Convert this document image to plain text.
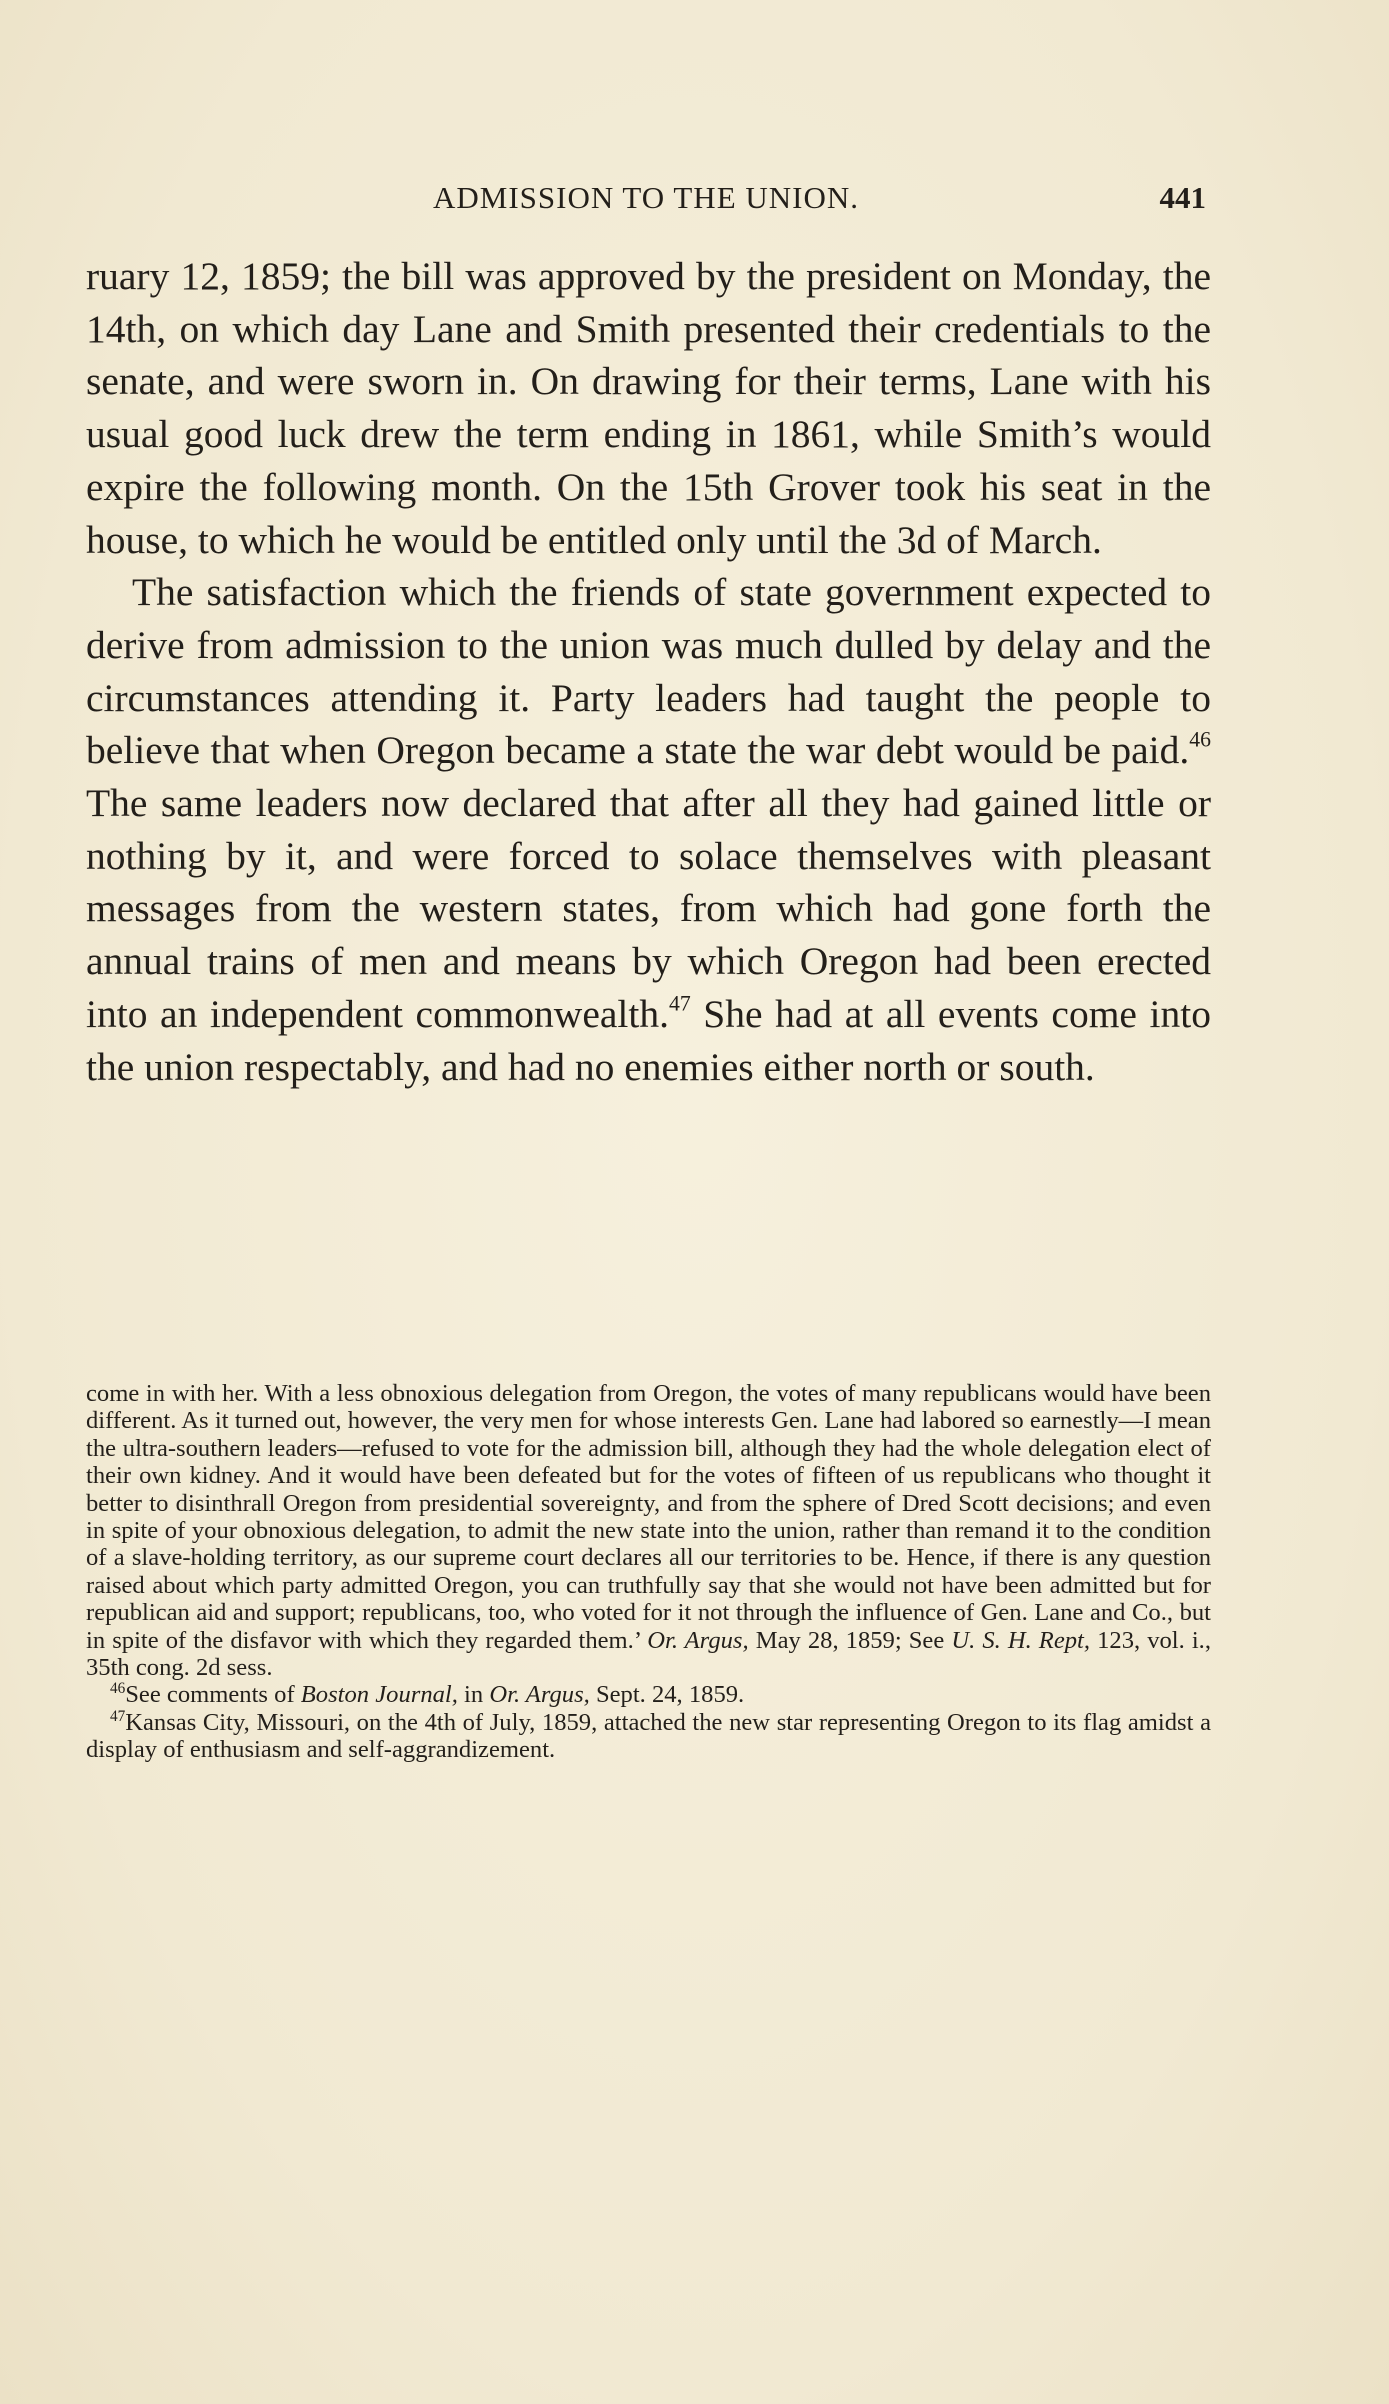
ADMISSION TO THE UNION.	441

ruary 12, 1859; the bill was approved by the president on Monday, the 14th, on which day Lane and Smith presented their credentials to the senate, and were sworn in. On drawing for their terms, Lane with his usual good luck drew the term ending in 1861, while Smith’s would expire the following month. On the 15th Grover took his seat in the house, to which he would be entitled only until the 3d of March.

The satisfaction which the friends of state government expected to derive from admission to the union was much dulled by delay and the circumstances attending it. Party leaders had taught the people to believe that when Oregon became a state the war debt would be paid.$^{46}$ The same leaders now declared that after all they had gained little or nothing by it, and were forced to solace themselves with pleasant messages from the western states, from which had gone forth the annual trains of men and means by which Oregon had been erected into an independent commonwealth.$^{47}$ She had at all events come into the union respectably, and had no enemies either north or south.

come in with her. With a less obnoxious delegation from Oregon, the votes of many republicans would have been different. As it turned out, however, the very men for whose interests Gen. Lane had labored so earnestly—I mean the ultra-southern leaders—refused to vote for the admission bill, although they had the whole delegation elect of their own kidney. And it would have been defeated but for the votes of fifteen of us republicans who thought it better to disinthrall Oregon from presidential sovereignty, and from the sphere of Dred Scott decisions; and even in spite of your obnoxious delegation, to admit the new state into the union, rather than remand it to the condition of a slave-holding territory, as our supreme court declares all our territories to be. Hence, if there is any question raised about which party admitted Oregon, you can truthfully say that she would not have been admitted but for republican aid and support; republicans, too, who voted for it not through the influence of Gen. Lane and Co., but in spite of the disfavor with which they regarded them.’ Or. Argus, May 28, 1859; See U. S. H. Rept, 123, vol. i., 35th cong. 2d sess.

$^{46}$See comments of Boston Journal, in Or. Argus, Sept. 24, 1859.

$^{47}$Kansas City, Missouri, on the 4th of July, 1859, attached the new star representing Oregon to its flag amidst a display of enthusiasm and self-aggrandizement.
